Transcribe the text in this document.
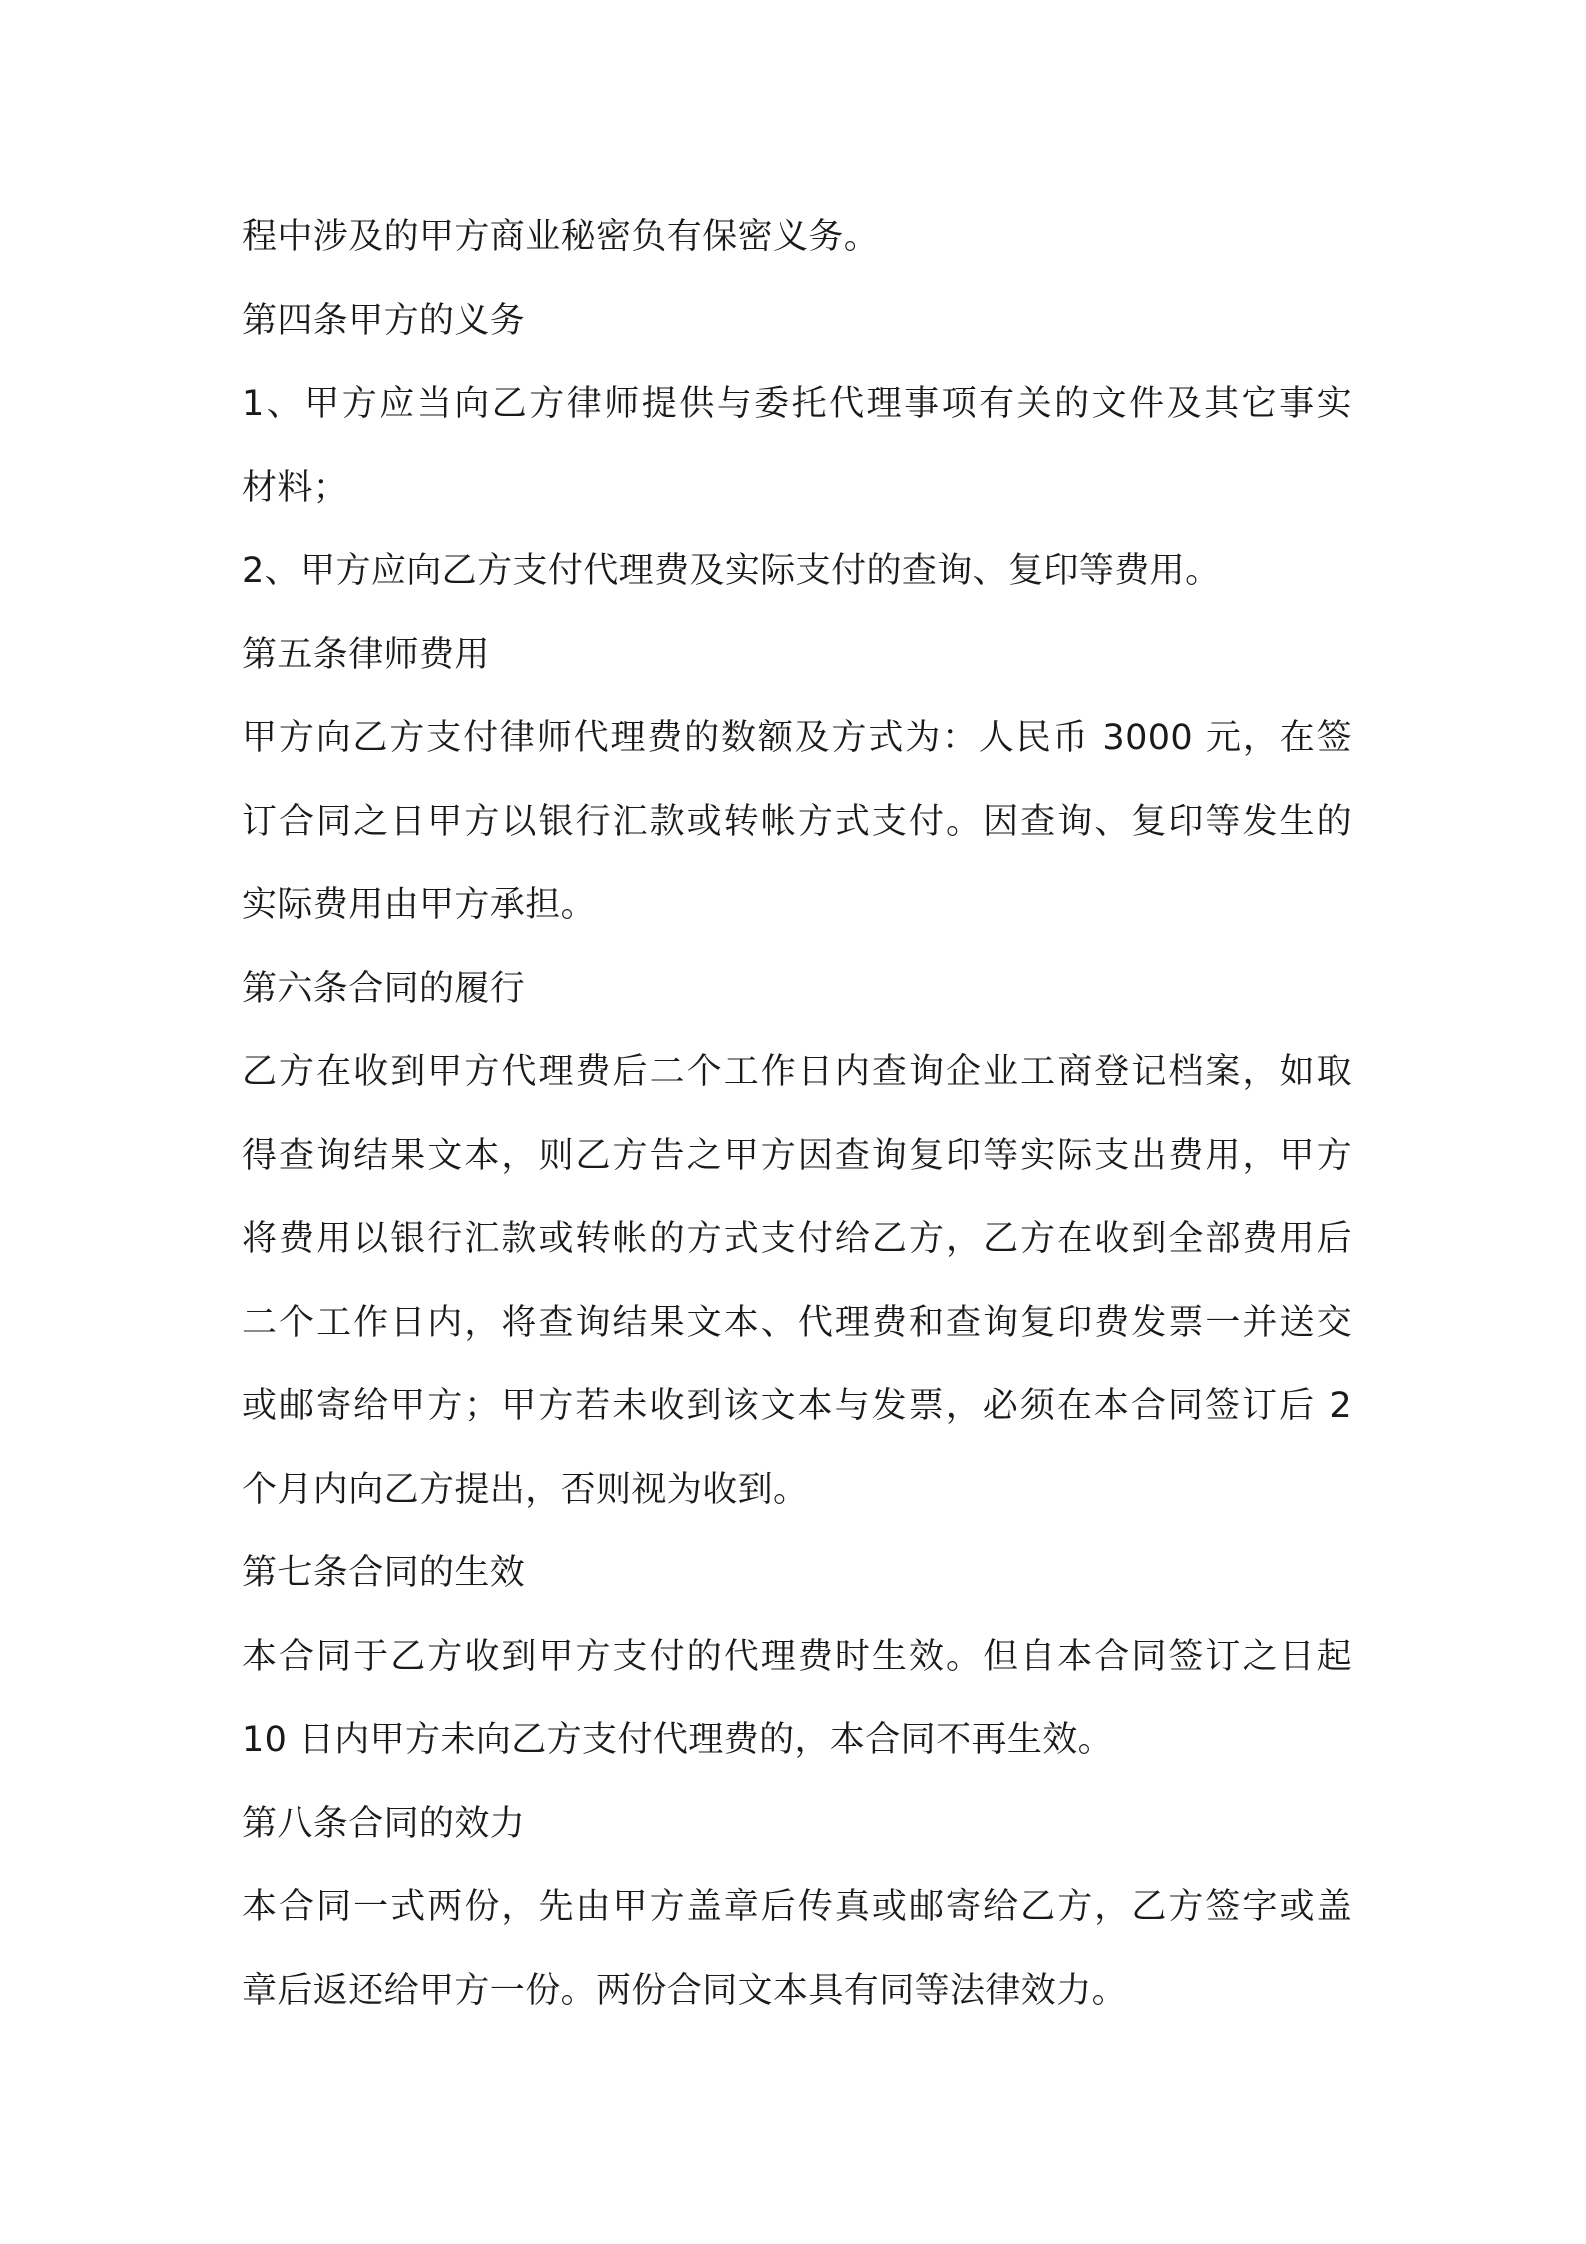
程中涉及的甲方商业秘密负有保密义务。
第四条甲方的义务
1、甲方应当向乙方律师提供与委托代理事项有关的文件及其它事实
材料；
2、甲方应向乙方支付代理费及实际支付的查询、复印等费用。
第五条律师费用
甲方向乙方支付律师代理费的数额及方式为：人民币 3000 元，在签
订合同之日甲方以银行汇款或转帐方式支付。因查询、复印等发生的
实际费用由甲方承担。
第六条合同的履行
乙方在收到甲方代理费后二个工作日内查询企业工商登记档案，如取
得查询结果文本，则乙方告之甲方因查询复印等实际支出费用，甲方
将费用以银行汇款或转帐的方式支付给乙方，乙方在收到全部费用后
二个工作日内，将查询结果文本、代理费和查询复印费发票一并送交
或邮寄给甲方；甲方若未收到该文本与发票，必须在本合同签订后 2
个月内向乙方提出，否则视为收到。
第七条合同的生效
本合同于乙方收到甲方支付的代理费时生效。但自本合同签订之日起
10 日内甲方未向乙方支付代理费的，本合同不再生效。
第八条合同的效力
本合同一式两份，先由甲方盖章后传真或邮寄给乙方，乙方签字或盖
章后返还给甲方一份。两份合同文本具有同等法律效力。
